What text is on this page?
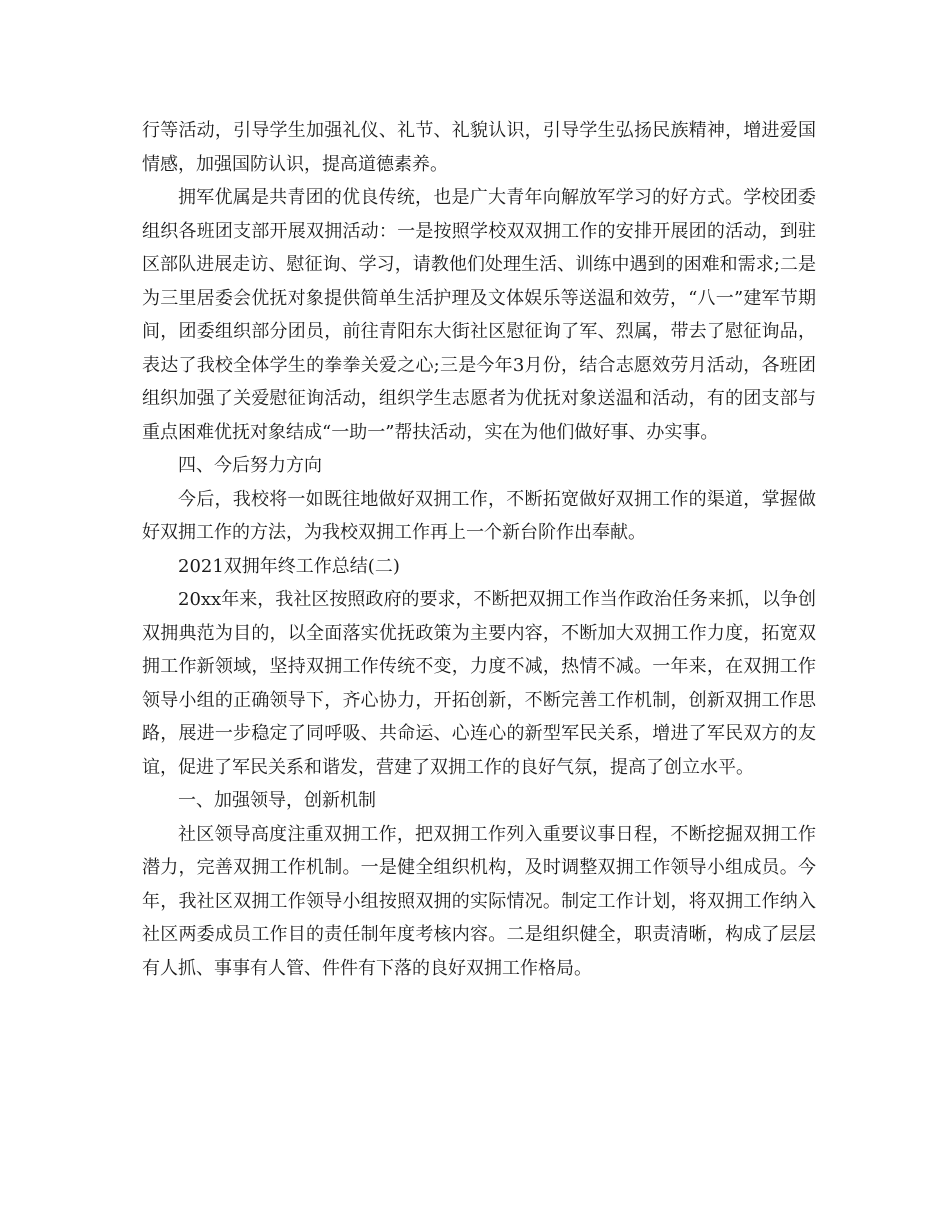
行等活动，引导学生加强礼仪、礼节、礼貌认识，引导学生弘扬民族精神，增进爱国情感，加强国防认识，提高道德素养。

拥军优属是共青团的优良传统，也是广大青年向解放军学习的好方式。学校团委组织各班团支部开展双拥活动：一是按照学校双双拥工作的安排开展团的活动，到驻区部队进展走访、慰征询、学习，请教他们处理生活、训练中遇到的困难和需求;二是为三里居委会优抚对象提供简单生活护理及文体娱乐等送温和效劳，“八一”建军节期间，团委组织部分团员，前往青阳东大街社区慰征询了军、烈属，带去了慰征询品，表达了我校全体学生的拳拳关爱之心;三是今年3月份，结合志愿效劳月活动，各班团组织加强了关爱慰征询活动，组织学生志愿者为优抚对象送温和活动，有的团支部与重点困难优抚对象结成“一助一”帮扶活动，实在为他们做好事、办实事。

四、今后努力方向

今后，我校将一如既往地做好双拥工作，不断拓宽做好双拥工作的渠道，掌握做好双拥工作的方法，为我校双拥工作再上一个新台阶作出奉献。

2021双拥年终工作总结(二)

20xx年来，我社区按照政府的要求，不断把双拥工作当作政治任务来抓，以争创双拥典范为目的，以全面落实优抚政策为主要内容，不断加大双拥工作力度，拓宽双拥工作新领域，坚持双拥工作传统不变，力度不减，热情不减。一年来，在双拥工作领导小组的正确领导下，齐心协力，开拓创新，不断完善工作机制，创新双拥工作思路，展进一步稳定了同呼吸、共命运、心连心的新型军民关系，增进了军民双方的友谊，促进了军民关系和谐发，营建了双拥工作的良好气氛，提高了创立水平。

一、加强领导，创新机制

社区领导高度注重双拥工作，把双拥工作列入重要议事日程，不断挖掘双拥工作潜力，完善双拥工作机制。一是健全组织机构，及时调整双拥工作领导小组成员。今年，我社区双拥工作领导小组按照双拥的实际情况。制定工作计划，将双拥工作纳入社区两委成员工作目的责任制年度考核内容。二是组织健全，职责清晰，构成了层层有人抓、事事有人管、件件有下落的良好双拥工作格局。
